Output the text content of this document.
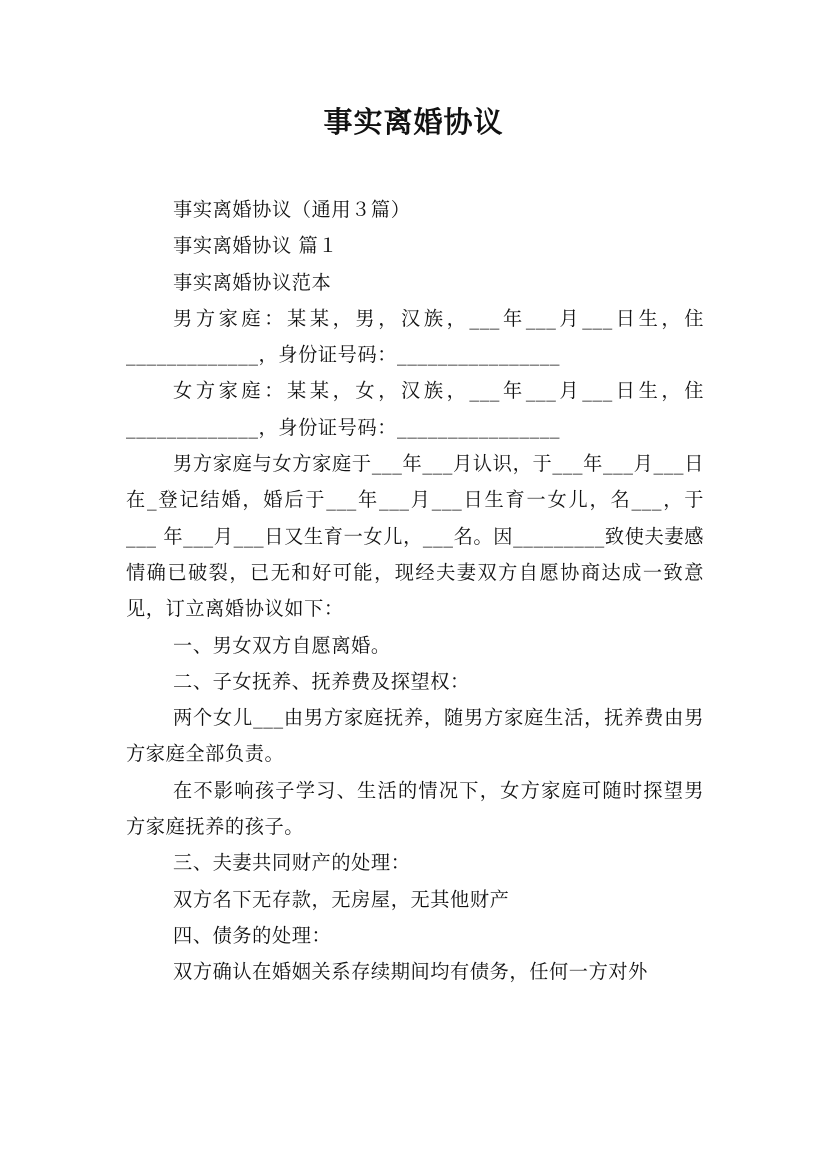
事实离婚协议

事实离婚协议（通用３篇）

事实离婚协议 篇１

事实离婚协议范本

男方家庭：某某，男，汉族，___年___月___日生，住_____________，身份证号码：________________

女方家庭：某某，女，汉族，___年___月___日生，住_____________，身份证号码：________________

男方家庭与女方家庭于___年___月认识，于___年___月___日在_登记结婚，婚后于___年___月___日生育一女儿，名___，于___ 年___月___日又生育一女儿，___名。因_________致使夫妻感情确已破裂，已无和好可能，现经夫妻双方自愿协商达成一致意见，订立离婚协议如下：

一、男女双方自愿离婚。

二、子女抚养、抚养费及探望权：

两个女儿___由男方家庭抚养，随男方家庭生活，抚养费由男方家庭全部负责。

在不影响孩子学习、生活的情况下，女方家庭可随时探望男方家庭抚养的孩子。

三、夫妻共同财产的处理：

双方名下无存款，无房屋，无其他财产

四、债务的处理：

双方确认在婚姻关系存续期间均有债务，任何一方对外
